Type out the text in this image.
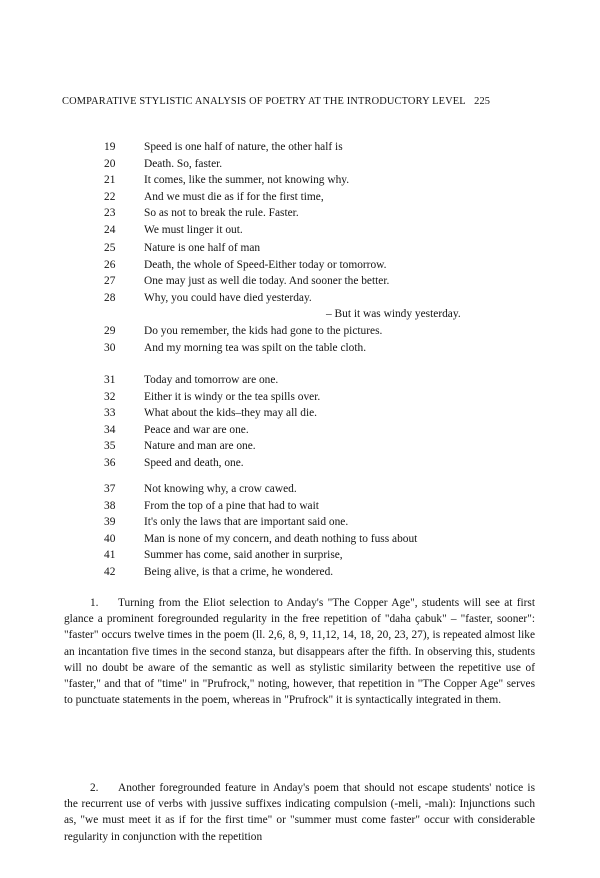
COMPARATIVE STYLISTIC ANALYSIS OF POETRY AT THE INTRODUCTORY LEVEL 225
19	Speed is one half of nature, the other half is
20	Death. So, faster.
21	It comes, like the summer, not knowing why.
22	And we must die as if for the first time,
23	So as not to break the rule. Faster.
24	We must linger it out.
25	Nature is one half of man
26	Death, the whole of Speed-Either today or tomorrow.
27	One may just as well die today. And sooner the better.
28	Why, you could have died yesterday.
– But it was windy yesterday.
29	Do you remember, the kids had gone to the pictures.
30	And my morning tea was spilt on the table cloth.
31	Today and tomorrow are one.
32	Either it is windy or the tea spills over.
33	What about the kids–they may all die.
34	Peace and war are one.
35	Nature and man are one.
36	Speed and death, one.
37	Not knowing why, a crow cawed.
38	From the top of a pine that had to wait
39	It's only the laws that are important said one.
40	Man is none of my concern, and death nothing to fuss about
41	Summer has come, said another in surprise,
42	Being alive, is that a crime, he wondered.
1. Turning from the Eliot selection to Anday's "The Copper Age", students will see at first glance a prominent foregrounded regularity in the free repetition of "daha çabuk" – "faster, sooner": "faster" occurs twelve times in the poem (ll. 2,6, 8, 9, 11,12, 14, 18, 20, 23, 27), is repeated almost like an incantation five times in the second stanza, but disappears after the fifth. In observing this, students will no doubt be aware of the semantic as well as stylistic similarity between the repetitive use of "faster," and that of "time" in "Prufrock," noting, however, that repetition in "The Copper Age" serves to punctuate statements in the poem, whereas in "Prufrock" it is syntactically integrated in them.
2. Another foregrounded feature in Anday's poem that should not escape students' notice is the recurrent use of verbs with jussive suffixes indicating compulsion (-meli, -malı): Injunctions such as, "we must meet it as if for the first time" or "summer must come faster" occur with considerable regularity in conjunction with the repetition
